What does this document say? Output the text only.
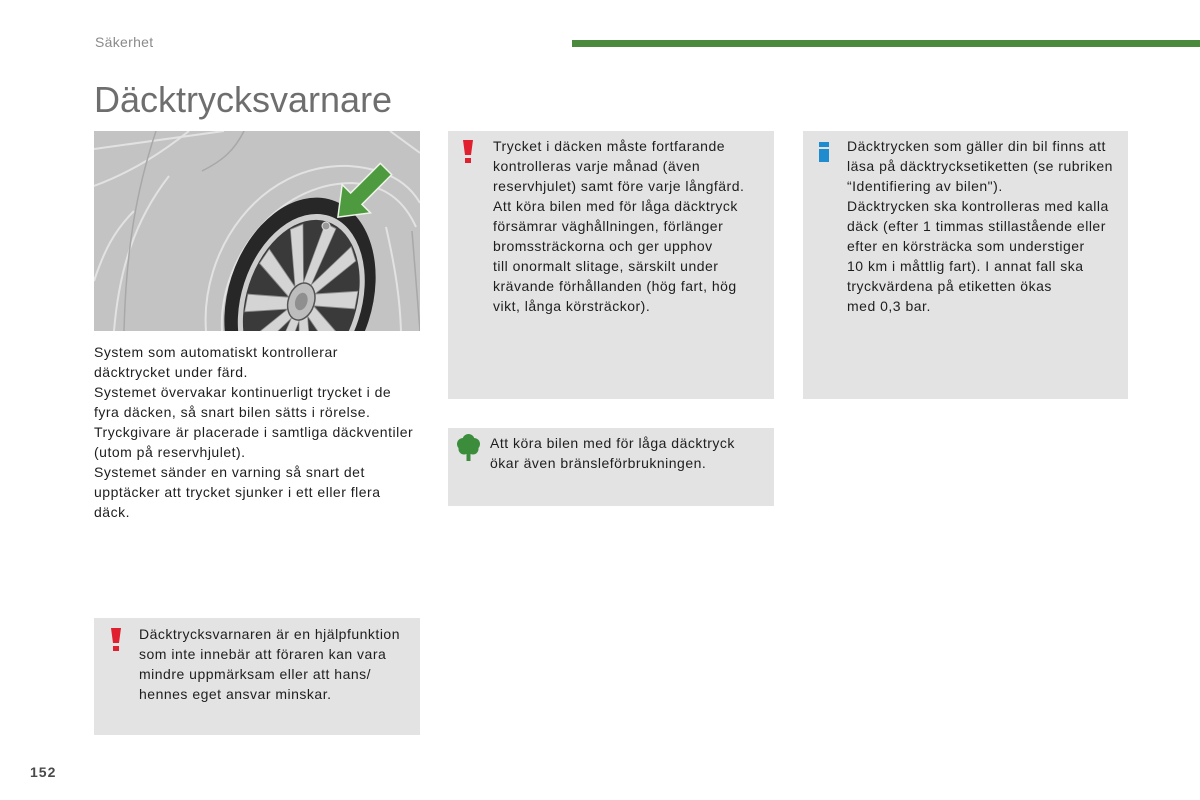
Säkerhet
Däcktrycksvarnare
System som automatiskt kontrollerar
däcktrycket under färd.
Systemet övervakar kontinuerligt trycket i de
fyra däcken, så snart bilen sätts i rörelse.
Tryckgivare är placerade i samtliga däckventiler
(utom på reservhjulet).
Systemet sänder en varning så snart det
upptäcker att trycket sjunker i ett eller flera
däck.
Trycket i däcken måste fortfarande
kontrolleras varje månad (även
reservhjulet) samt före varje långfärd.
Att köra bilen med för låga däcktryck
försämrar väghållningen, förlänger
bromssträckorna och ger upphov
till onormalt slitage, särskilt under
krävande förhållanden (hög fart, hög
vikt, långa körsträckor).
Att köra bilen med för låga däcktryck
ökar även bränsleförbrukningen.
Däcktrycken som gäller din bil finns att
läsa på däcktrycksetiketten (se rubriken
“Identifiering av bilen").
Däcktrycken ska kontrolleras med kalla
däck (efter 1 timmas stillastående eller
efter en körsträcka som understiger
10 km i måttlig fart). I annat fall ska
tryckvärdena på etiketten ökas
med 0,3 bar.
Däcktrycksvarnaren är en hjälpfunktion
som inte innebär att föraren kan vara
mindre uppmärksam eller att hans/
hennes eget ansvar minskar.
152
